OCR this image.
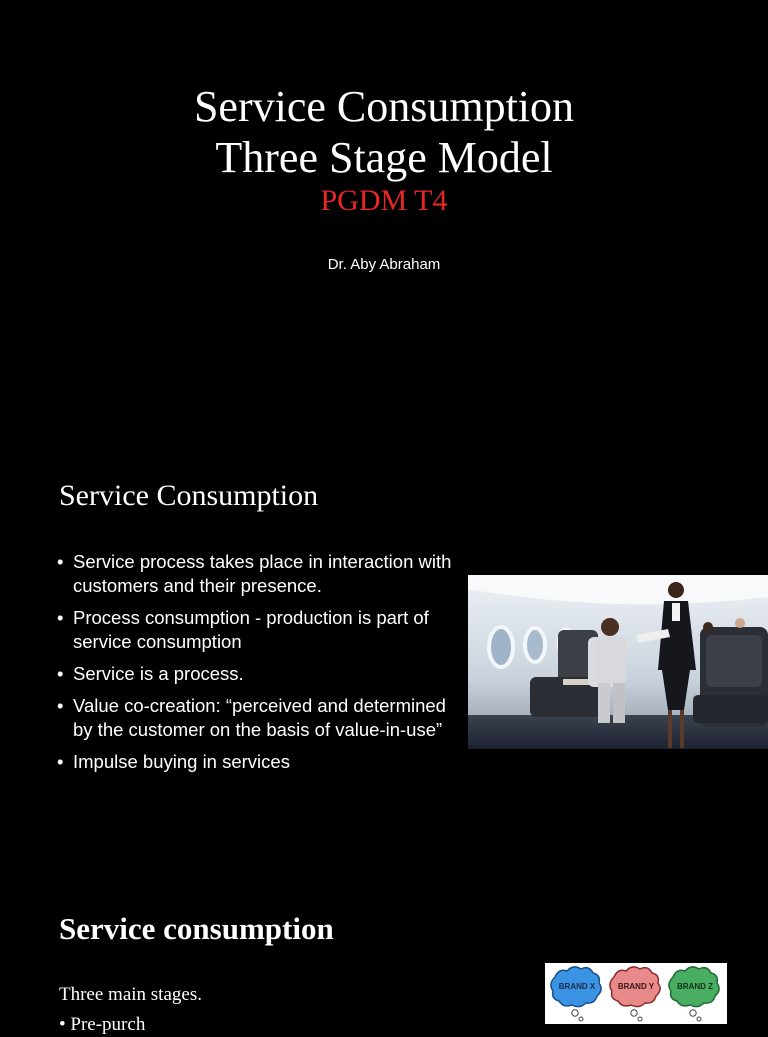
Service Consumption
Three Stage Model
PGDM T4
Dr. Aby Abraham
Service Consumption
• Service process takes place in interaction with customers and their presence.
• Process consumption - production is part of service consumption
• Service is a process.
• Value co-creation: “perceived and determined by the customer on the basis of value-in-use”
• Impulse buying in services
Service consumption
Three main stages.
• Pre-purch
BRAND X	BRAND Y	BRAND Z
